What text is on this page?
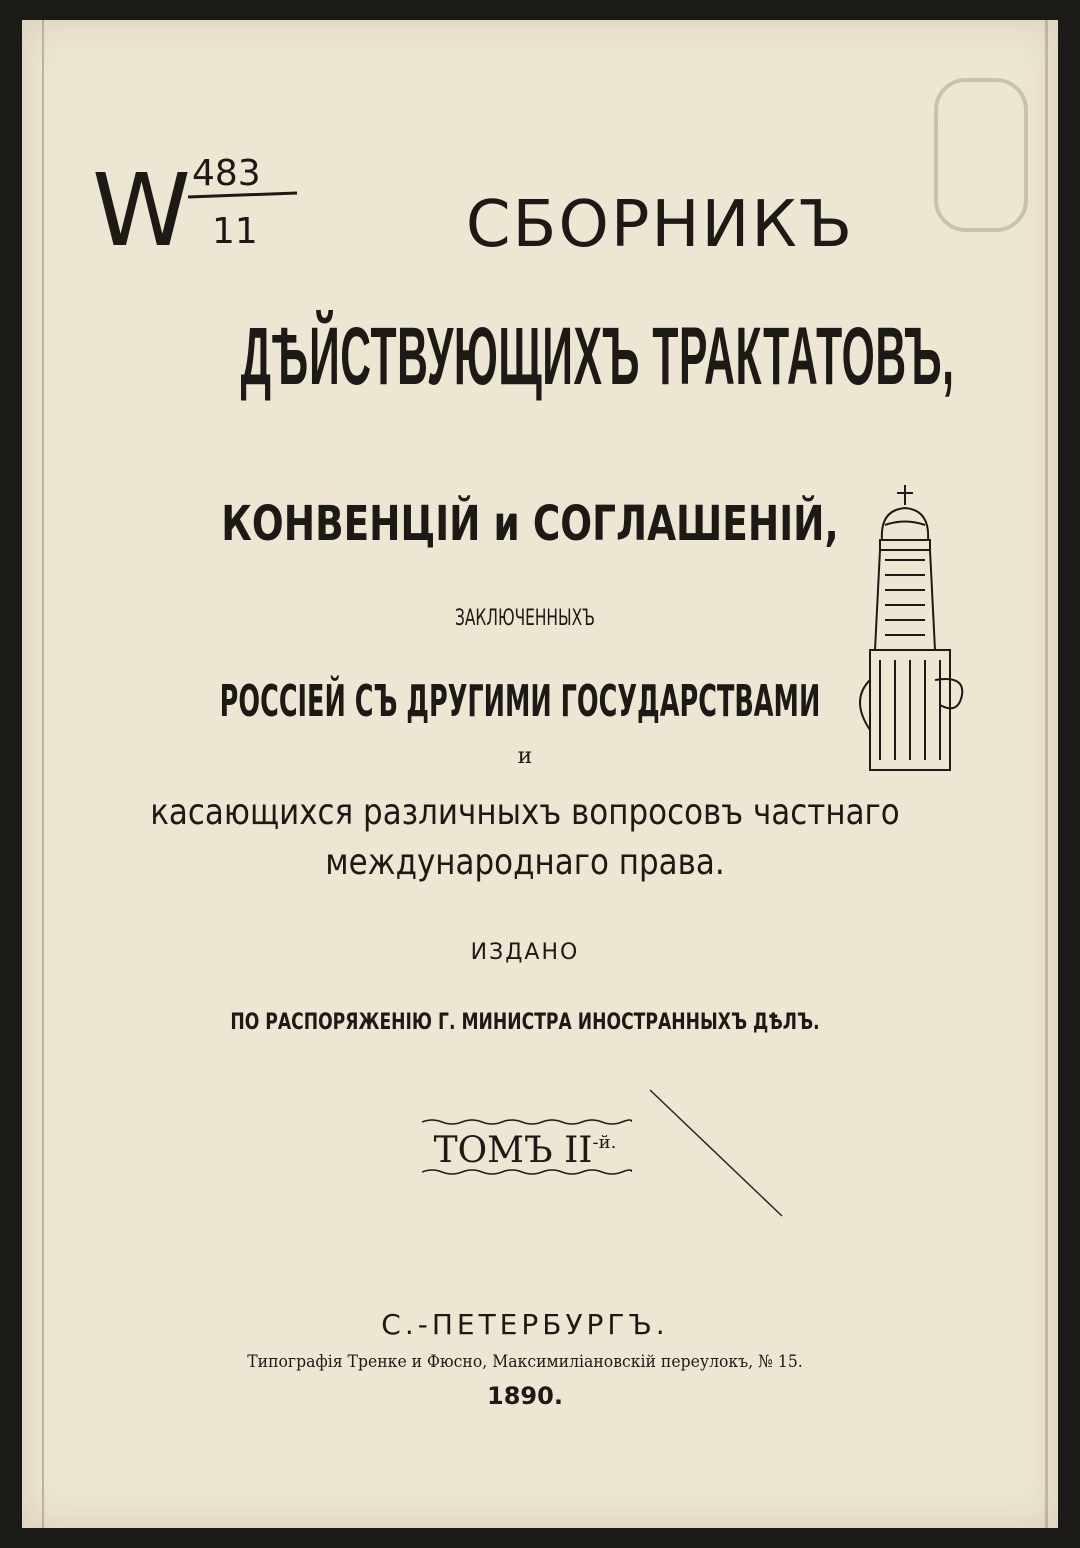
W 483
11	СБОРНИКЪ
ДѢЙСТВУЮЩИХЪ ТРАКТАТОВЪ,
КОНВЕНЦІЙ и СОГЛАШЕНІЙ,
ЗАКЛЮЧЕННЫХЪ
РОССІЕЙ СЪ ДРУГИМИ ГОСУДАРСТВАМИ
и
касающихся различныхъ вопросовъ частнаго
международнаго права.
ИЗДАНО
ПО РАСПОРЯЖЕНІЮ Г. МИНИСТРА ИНОСТРАННЫХЪ ДѢЛЪ.
ТОМЪ $II^{-й.}$
С.-ПЕТЕРБУРГЪ.
Типографія Тренке и Фюсно, Максимиліановскій переулокъ, № 15.
1890.
